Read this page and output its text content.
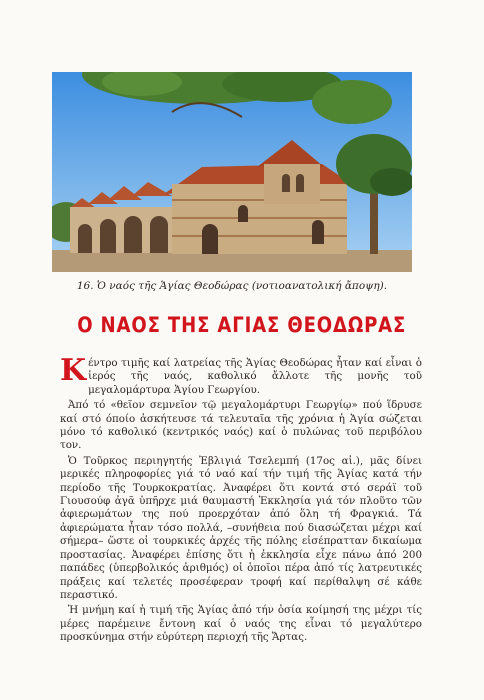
16. Ὁ ναός τῆς Ἁγίας Θεοδώρας (νοτιοανατολική ἄποψη).
Ο ΝΑΟΣ ΤΗΣ ΑΓΙΑΣ ΘΕΟΔΩΡΑΣ

Κέντρο τιμῆς καί λατρείας τῆς Ἁγίας Θεοδώρας ἦταν καί εἶναι ὁ ἱερός τῆς ναός, καθολικό ἄλλοτε τῆς μονῆς τοῦ μεγαλομάρτυρα Ἁγίου Γεωργίου.

Ἀπό τό «θεῖον σεμνεῖον τῷ μεγαλομάρτυρι Γεωργίῳ» πού ἵδρυσε καί στό όποίο ἀσκήτευσε τά τελευταῖα τῆς χρόνια ἡ Ἁγία σώζεται μόνο τό καθολικό (κεντρικός ναός) καί ὁ πυλώνας τοῦ περιβόλου τον.

Ὁ Τοῦρκος περιηγητής Ἐβλιγιά Τσελεμπή (17ος αἰ.), μᾶς δίνει μερικές πληροφορίες γιά τό ναό καί τήν τιμή τῆς Ἁγίας κατά τήν περίοδο τῆς Τουρκοκρατίας. Ἀναφέρει ὅτι κοντά στό σεράϊ τοῦ Γιουσούφ ἀγᾶ ὑπῆρχε μιά θαυμαστή Ἐκκλησία γιά τόν πλοῦτο τῶν ἀφιερωμάτων της πού προερχόταν ἀπό ὅλη τή Φραγκιά. Τά ἀφιερώματα ἦταν τόσο πολλά, –συνήθεια πού διασώζεται μέχρι καί σήμερα– ὥστε οἱ τουρκικές ἀρχές τῆς πόλης εἰσέπρατταν δικαίωμα προστασίας. Ἀναφέρει ἐπίσης ὅτι ἡ ἐκκλησία εἶχε πάνω ἀπό 200 παπάδες (ὑπερβολικός ἀριθμός) οἱ ὁποῖοι πέρα ἀπό τίς λατρευτικές πράξεις καί τελετές προσέφεραν τροφή καί περίθαλψη σέ κάθε περαστικό.

Ἡ μνήμη καί ἡ τιμή τῆς Ἁγίας ἀπό τήν ὁσία κοίμησή της μέχρι τίς μέρες παρέμεινε ἔντονη καί ὁ ναός της εἶναι τό μεγαλύτερο προσκύνημα στήν εὐρύτερη περιοχή τῆς Ἄρτας.
